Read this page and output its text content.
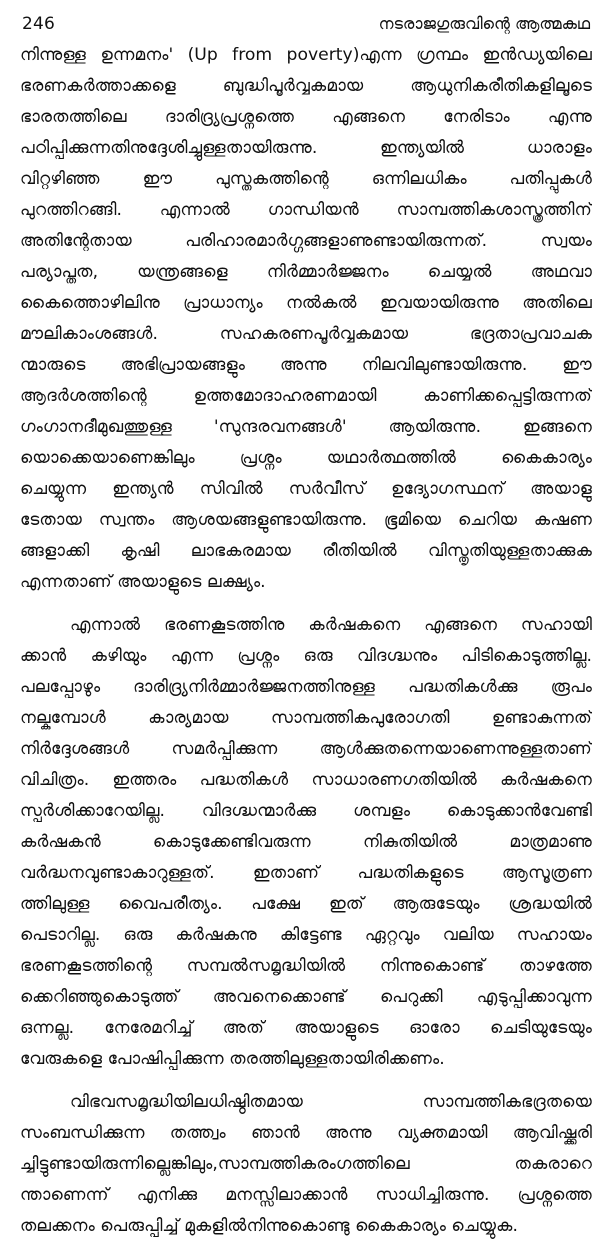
246	നടരാജഗുരുവിന്റെ ആത്മകഥ
നിന്നുള്ള ഉന്നമനം' (Up from poverty)എന്ന ഗ്രന്ഥം ഇൻഡ്യയിലെ
ഭരണകർത്താക്കളെ ബുദ്ധിപൂർവ്വകമായ ആധുനികരീതികളിലൂടെ
ഭാരതത്തിലെ ദാരിദ്ര്യപ്രശ്നത്തെ എങ്ങനെ നേരിടാം എന്നു
പഠിപ്പിക്കുന്നതിനുദ്ദേശിച്ചുള്ളതായിരുന്നു. ഇന്ത്യയിൽ ധാരാളം
വിറ്റഴിഞ്ഞ ഈ പുസ്തകത്തിന്റെ ഒന്നിലധികം പതിപ്പുകൾ
പുറത്തിറങ്ങി. എന്നാൽ ഗാന്ധിയൻ സാമ്പത്തികശാസ്ത്രത്തിന്
അതിന്റേതായ പരിഹാരമാർഗ്ഗങ്ങളാണുണ്ടായിരുന്നത്. സ്വയം
പര്യാപ്തത, യന്ത്രങ്ങളെ നിർമ്മാർജ്ജനം ചെയ്യൽ അഥവാ
കൈത്തൊഴിലിനു പ്രാധാന്യം നൽകൽ ഇവയായിരുന്നു അതിലെ
മൗലികാംശങ്ങൾ. സഹകരണപൂർവ്വകമായ ഭദ്രതാപ്രവാചക
ന്മാരുടെ അഭിപ്രായങ്ങളും അന്നു നിലവിലുണ്ടായിരുന്നു. ഈ
ആദർശത്തിന്റെ ഉത്തമോദാഹരണമായി കാണിക്കപ്പെട്ടിരുന്നത്
ഗംഗാനദീമുഖത്തുള്ള 'സുന്ദരവനങ്ങൾ' ആയിരുന്നു. ഇങ്ങനെ
യൊക്കെയാണെങ്കിലും പ്രശ്നം യഥാർത്ഥത്തിൽ കൈകാര്യം
ചെയ്യുന്ന ഇന്ത്യൻ സിവിൽ സർവീസ് ഉദ്യോഗസ്ഥന് അയാളു
ടേതായ സ്വന്തം ആശയങ്ങളുണ്ടായിരുന്നു. ഭൂമിയെ ചെറിയ കഷണ
ങ്ങളാക്കി കൃഷി ലാഭകരമായ രീതിയിൽ വിസ്തൃതിയുള്ളതാക്കുക
എന്നതാണ് അയാളുടെ ലക്ഷ്യം.
എന്നാൽ ഭരണകൂടത്തിനു കർഷകനെ എങ്ങനെ സഹായി
ക്കാൻ കഴിയും എന്ന പ്രശ്നം ഒരു വിദഗ്ദ്ധനും പിടികൊടുത്തില്ല.
പലപ്പോഴും ദാരിദ്ര്യനിർമ്മാർജ്ജനത്തിനുള്ള പദ്ധതികൾക്കു രൂപം
നല്കുമ്പോൾ കാര്യമായ സാമ്പത്തികപുരോഗതി ഉണ്ടാകുന്നത്
നിർദ്ദേശങ്ങൾ സമർപ്പിക്കുന്ന ആൾക്കുതന്നെയാണെന്നുള്ളതാണ്
വിചിത്രം. ഇത്തരം പദ്ധതികൾ സാധാരണഗതിയിൽ കർഷകനെ
സ്പർശിക്കാറേയില്ല. വിദഗ്ദ്ധന്മാർക്കു ശമ്പളം കൊടുക്കാൻവേണ്ടി
കർഷകൻ കൊടുക്കേണ്ടിവരുന്ന നികുതിയിൽ മാത്രമാണു
വർദ്ധനവുണ്ടാകാറുള്ളത്. ഇതാണ് പദ്ധതികളുടെ ആസൂത്രണ
ത്തിലുള്ള വൈപരീത്യം. പക്ഷേ ഇത് ആരുടേയും ശ്രദ്ധയിൽ
പെടാറില്ല. ഒരു കർഷകനു കിട്ടേണ്ട ഏറ്റവും വലിയ സഹായം
ഭരണകൂടത്തിന്റെ സമ്പൽസമൃദ്ധിയിൽ നിന്നുകൊണ്ട് താഴത്തേ
ക്കെറിഞ്ഞുകൊടുത്ത് അവനെക്കൊണ്ട് പെറുക്കി എടുപ്പിക്കാവുന്ന
ഒന്നല്ല. നേരേമറിച്ച് അത് അയാളുടെ ഓരോ ചെടിയുടേയും
വേരുകളെ പോഷിപ്പിക്കുന്ന തരത്തിലുള്ളതായിരിക്കണം.
വിഭവസമൃദ്ധിയിലധിഷ്ഠിതമായ സാമ്പത്തികഭദ്രതയെ
സംബന്ധിക്കുന്ന തത്ത്വം ഞാൻ അന്നു വ്യക്തമായി ആവിഷ്ക്കരി
ച്ചിട്ടുണ്ടായിരുന്നില്ലെങ്കിലും,സാമ്പത്തികരംഗത്തിലെ തകരാറെ
ന്താണെന്ന് എനിക്കു മനസ്സിലാക്കാൻ സാധിച്ചിരുന്നു. പ്രശ്നത്തെ
തലക്കനം പെരുപ്പിച്ച് മുകളിൽനിന്നുകൊണ്ടു കൈകാര്യം ചെയ്യുക.
